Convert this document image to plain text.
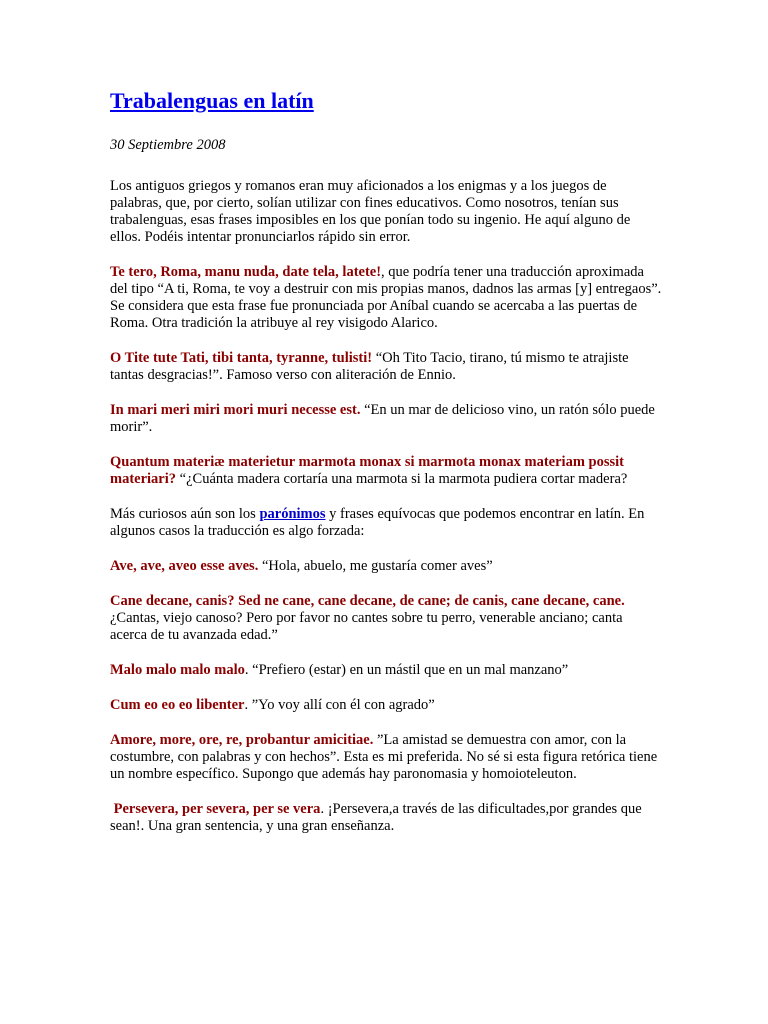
Trabalenguas en latín

30 Septiembre 2008

Los antiguos griegos y romanos eran muy aficionados a los enigmas y a los juegos de palabras, que, por cierto, solían utilizar con fines educativos. Como nosotros, tenían sus trabalenguas, esas frases imposibles en los que ponían todo su ingenio. He aquí alguno de ellos. Podéis intentar pronunciarlos rápido sin error.

Te tero, Roma, manu nuda, date tela, latete!, que podría tener una traducción aproximada del tipo “A ti, Roma, te voy a destruir con mis propias manos, dadnos las armas [y] entregaos”. Se considera que esta frase fue pronunciada por Aníbal cuando se acercaba a las puertas de Roma. Otra tradición la atribuye al rey visigodo Alarico.

O Tite tute Tati, tibi tanta, tyranne, tulisti! “Oh Tito Tacio, tirano, tú mismo te atrajiste tantas desgracias!”. Famoso verso con aliteración de Ennio.

In mari meri miri mori muri necesse est. “En un mar de delicioso vino, un ratón sólo puede morir”.

Quantum materiæ materietur marmota monax si marmota monax materiam possit materiari? “¿Cuánta madera cortaría una marmota si la marmota pudiera cortar madera?

Más curiosos aún son los parónimos y frases equívocas que podemos encontrar en latín. En algunos casos la traducción es algo forzada:

Ave, ave, aveo esse aves. “Hola, abuelo, me gustaría comer aves”

Cane decane, canis? Sed ne cane, cane decane, de cane; de canis, cane decane, cane. ¿Cantas, viejo canoso? Pero por favor no cantes sobre tu perro, venerable anciano; canta acerca de tu avanzada edad.”

Malo malo malo malo. “Prefiero (estar) en un mástil que en un mal manzano”

Cum eo eo eo libenter. ”Yo voy allí con él con agrado”

Amore, more, ore, re, probantur amicitiae. ”La amistad se demuestra con amor, con la costumbre, con palabras y con hechos”. Esta es mi preferida. No sé si esta figura retórica tiene un nombre específico. Supongo que además hay paronomasia y homoioteleuton.

Persevera, per severa, per se vera. ¡Persevera,a través de las dificultades,por grandes que sean!. Una gran sentencia, y una gran enseñanza.
